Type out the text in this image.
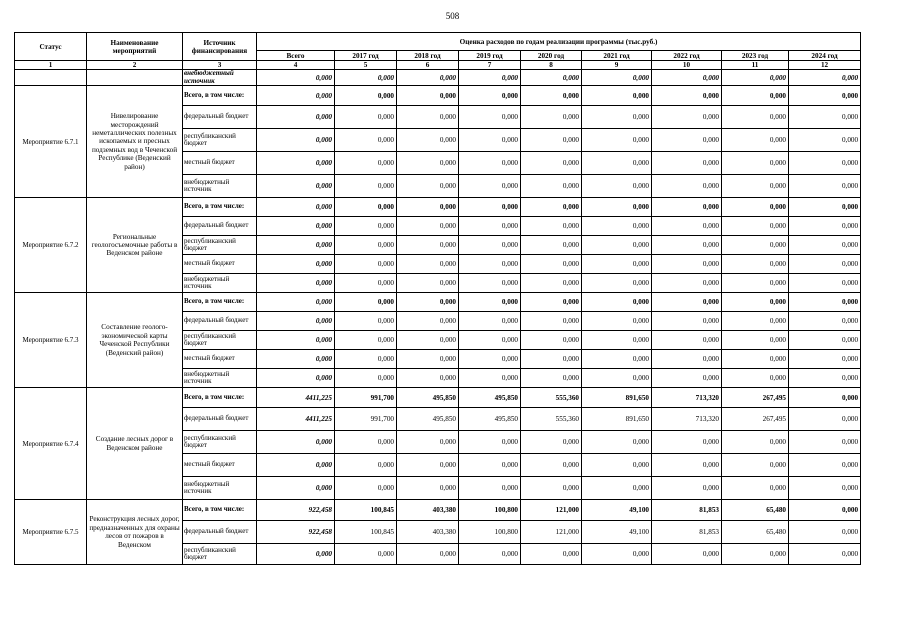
508
Статус	Наименование мероприятий	Источник финансирования	Оценка расходов по годам реализации программы (тыс.руб.)								
			Всего	2017 год	2018 год	2019 год	2020 год	2021 год	2022 год	2023 год	2024 год
1	2	3	4	5	6	7	8	9	10	11	12
		внебюджетный источник	0,000	0,000	0,000	0,000	0,000	0,000	0,000	0,000	0,000
Мероприятие 6.7.1	Нивелирование месторождений неметаллических полезных ископаемых и пресных подземных вод в Чеченской Республике (Веденский район)	Всего, в том числе:	0,000	0,000	0,000	0,000	0,000	0,000	0,000	0,000	0,000
		федеральный бюджет	0,000	0,000	0,000	0,000	0,000	0,000	0,000	0,000	0,000
		республиканский бюджет	0,000	0,000	0,000	0,000	0,000	0,000	0,000	0,000	0,000
		местный бюджет	0,000	0,000	0,000	0,000	0,000	0,000	0,000	0,000	0,000
		внебюджетный источник	0,000	0,000	0,000	0,000	0,000	0,000	0,000	0,000	0,000
Мероприятие 6.7.2	Региональные геологосъемочные работы в Веденском районе	Всего, в том числе:	0,000	0,000	0,000	0,000	0,000	0,000	0,000	0,000	0,000
		федеральный бюджет	0,000	0,000	0,000	0,000	0,000	0,000	0,000	0,000	0,000
		республиканский бюджет	0,000	0,000	0,000	0,000	0,000	0,000	0,000	0,000	0,000
		местный бюджет	0,000	0,000	0,000	0,000	0,000	0,000	0,000	0,000	0,000
		внебюджетный источник	0,000	0,000	0,000	0,000	0,000	0,000	0,000	0,000	0,000
Мероприятие 6.7.3	Составление геолого-экономической карты Чеченской Республики (Веденский район)	Всего, в том числе:	0,000	0,000	0,000	0,000	0,000	0,000	0,000	0,000	0,000
		федеральный бюджет	0,000	0,000	0,000	0,000	0,000	0,000	0,000	0,000	0,000
		республиканский бюджет	0,000	0,000	0,000	0,000	0,000	0,000	0,000	0,000	0,000
		местный бюджет	0,000	0,000	0,000	0,000	0,000	0,000	0,000	0,000	0,000
		внебюджетный источник	0,000	0,000	0,000	0,000	0,000	0,000	0,000	0,000	0,000
Мероприятие 6.7.4	Создание лесных дорог в Веденском районе	Всего, в том числе:	4411,225	991,700	495,850	495,850	555,360	891,650	713,320	267,495	0,000
		федеральный бюджет	4411,225	991,700	495,850	495,850	555,360	891,650	713,320	267,495	0,000
		республиканский бюджет	0,000	0,000	0,000	0,000	0,000	0,000	0,000	0,000	0,000
		местный бюджет	0,000	0,000	0,000	0,000	0,000	0,000	0,000	0,000	0,000
		внебюджетный источник	0,000	0,000	0,000	0,000	0,000	0,000	0,000	0,000	0,000
Мероприятие 6.7.5	Реконструкция лесных дорог, предназначенных для охраны лесов от пожаров в Веденском	Всего, в том числе:	922,458	100,845	403,380	100,800	121,000	49,100	81,853	65,480	0,000
		федеральный бюджет	922,458	100,845	403,380	100,800	121,000	49,100	81,853	65,480	0,000
		республиканский бюджет	0,000	0,000	0,000	0,000	0,000	0,000	0,000	0,000	0,000
